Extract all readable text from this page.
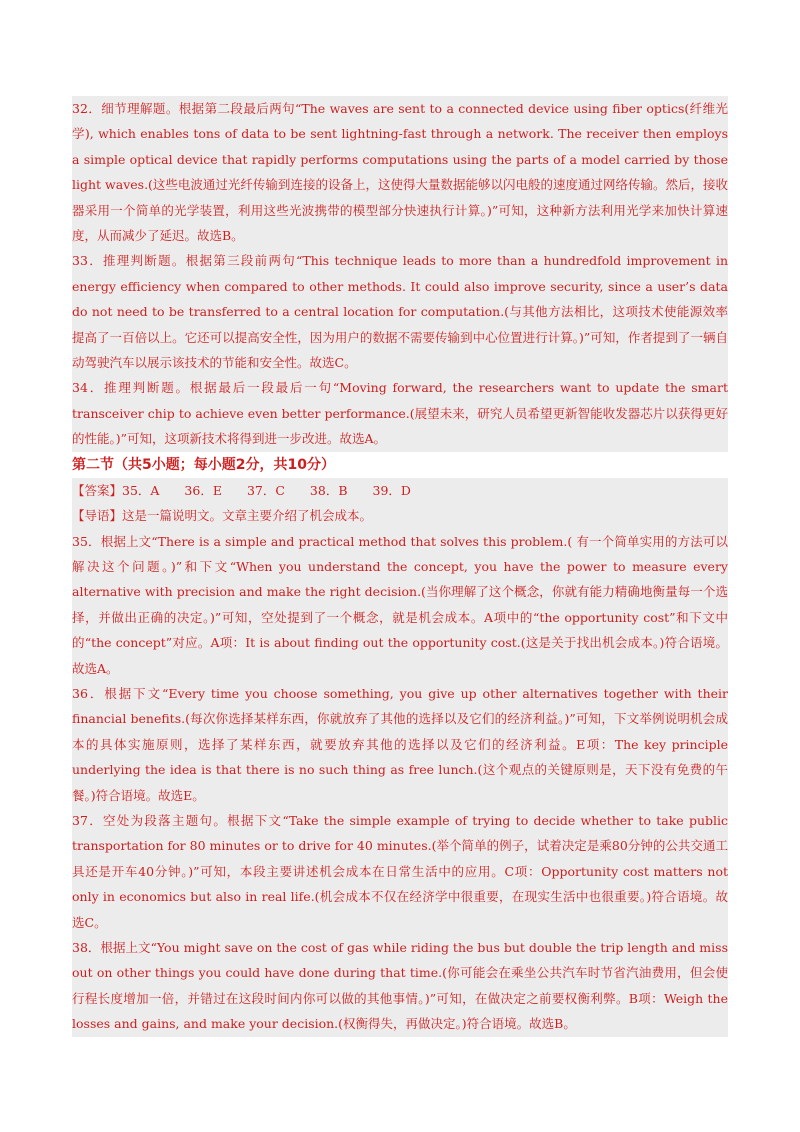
32．细节理解题。根据第二段最后两句“The waves are sent to a connected device using fiber optics(纤维光学), which enables tons of data to be sent lightning-fast through a network. The receiver then employs a simple optical device that rapidly performs computations using the parts of a model carried by those light waves.(这些电波通过光纤传输到连接的设备上，这使得大量数据能够以闪电般的速度通过网络传输。然后，接收器采用一个简单的光学装置，利用这些光波携带的模型部分快速执行计算。)”可知，这种新方法利用光学来加快计算速度，从而减少了延迟。故选B。

33．推理判断题。根据第三段前两句“This technique leads to more than a hundredfold improvement in energy efficiency when compared to other methods. It could also improve security, since a user’s data do not need to be transferred to a central location for computation.(与其他方法相比，这项技术使能源效率提高了一百倍以上。它还可以提高安全性，因为用户的数据不需要传输到中心位置进行计算。)”可知，作者提到了一辆自动驾驶汽车以展示该技术的节能和安全性。故选C。

34．推理判断题。根据最后一段最后一句“Moving forward, the researchers want to update the smart transceiver chip to achieve even better performance.(展望未来，研究人员希望更新智能收发器芯片以获得更好的性能。)”可知，这项新技术将得到进一步改进。故选A。

第二节（共5小题；每小题2分，共10分）

【答案】35．A　　36．E　　37．C　　38．B　　39．D

【导语】这是一篇说明文。文章主要介绍了机会成本。

35．根据上文“There is a simple and practical method that solves this problem.( 有一个简单实用的方法可以解决这个问题。)”和下文“When you understand the concept, you have the power to measure every alternative with precision and make the right decision.(当你理解了这个概念，你就有能力精确地衡量每一个选择，并做出正确的决定。)”可知，空处提到了一个概念，就是机会成本。A项中的“the opportunity cost”和下文中的“the concept”对应。A项：It is about finding out the opportunity cost.(这是关于找出机会成本。)符合语境。故选A。

36．根据下文“Every time you choose something, you give up other alternatives together with their financial benefits.(每次你选择某样东西，你就放弃了其他的选择以及它们的经济利益。)”可知，下文举例说明机会成本的具体实施原则，选择了某样东西，就要放弃其他的选择以及它们的经济利益。E项：The key principle underlying the idea is that there is no such thing as free lunch.(这个观点的关键原则是，天下没有免费的午餐。)符合语境。故选E。

37．空处为段落主题句。根据下文“Take the simple example of trying to decide whether to take public transportation for 80 minutes or to drive for 40 minutes.(举个简单的例子，试着决定是乘80分钟的公共交通工具还是开车40分钟。)”可知，本段主要讲述机会成本在日常生活中的应用。C项：Opportunity cost matters not only in economics but also in real life.(机会成本不仅在经济学中很重要，在现实生活中也很重要。)符合语境。故选C。

38．根据上文“You might save on the cost of gas while riding the bus but double the trip length and miss out on other things you could have done during that time.(你可能会在乘坐公共汽车时节省汽油费用，但会使行程长度增加一倍，并错过在这段时间内你可以做的其他事情。)”可知，在做决定之前要权衡利弊。B项：Weigh the losses and gains, and make your decision.(权衡得失，再做决定。)符合语境。故选B。
